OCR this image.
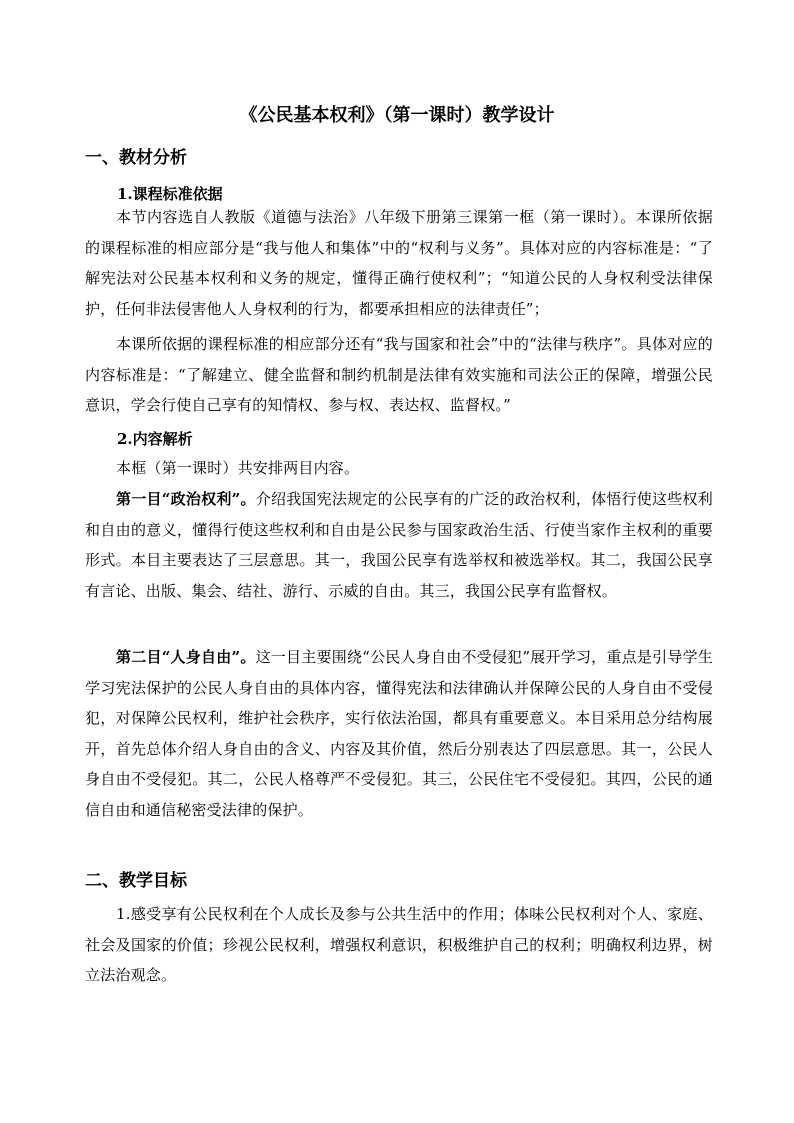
《公民基本权利》（第一课时）教学设计
一、教材分析
1.课程标准依据
本节内容选自人教版《道德与法治》八年级下册第三课第一框（第一课时）。本课所依据的课程标准的相应部分是“我与他人和集体”中的“权利与义务”。具体对应的内容标准是：“了解宪法对公民基本权利和义务的规定，懂得正确行使权利”；“知道公民的人身权利受法律保护，任何非法侵害他人人身权利的行为，都要承担相应的法律责任”；
本课所依据的课程标准的相应部分还有“我与国家和社会”中的“法律与秩序”。具体对应的内容标准是：“了解建立、健全监督和制约机制是法律有效实施和司法公正的保障，增强公民意识，学会行使自己享有的知情权、参与权、表达权、监督权。”
2.内容解析
本框（第一课时）共安排两目内容。
第一目“政治权利”。介绍我国宪法规定的公民享有的广泛的政治权利，体悟行使这些权利和自由的意义，懂得行使这些权利和自由是公民参与国家政治生活、行使当家作主权利的重要形式。本目主要表达了三层意思。其一，我国公民享有选举权和被选举权。其二，我国公民享有言论、出版、集会、结社、游行、示威的自由。其三，我国公民享有监督权。
第二目“人身自由”。这一目主要围绕“公民人身自由不受侵犯”展开学习，重点是引导学生学习宪法保护的公民人身自由的具体内容，懂得宪法和法律确认并保障公民的人身自由不受侵犯，对保障公民权利，维护社会秩序，实行依法治国，都具有重要意义。本目采用总分结构展开，首先总体介绍人身自由的含义、内容及其价值，然后分别表达了四层意思。其一，公民人身自由不受侵犯。其二，公民人格尊严不受侵犯。其三，公民住宅不受侵犯。其四，公民的通信自由和通信秘密受法律的保护。
二、教学目标
1.感受享有公民权利在个人成长及参与公共生活中的作用；体味公民权利对个人、家庭、社会及国家的价值；珍视公民权利，增强权利意识，积极维护自己的权利；明确权利边界，树立法治观念。
